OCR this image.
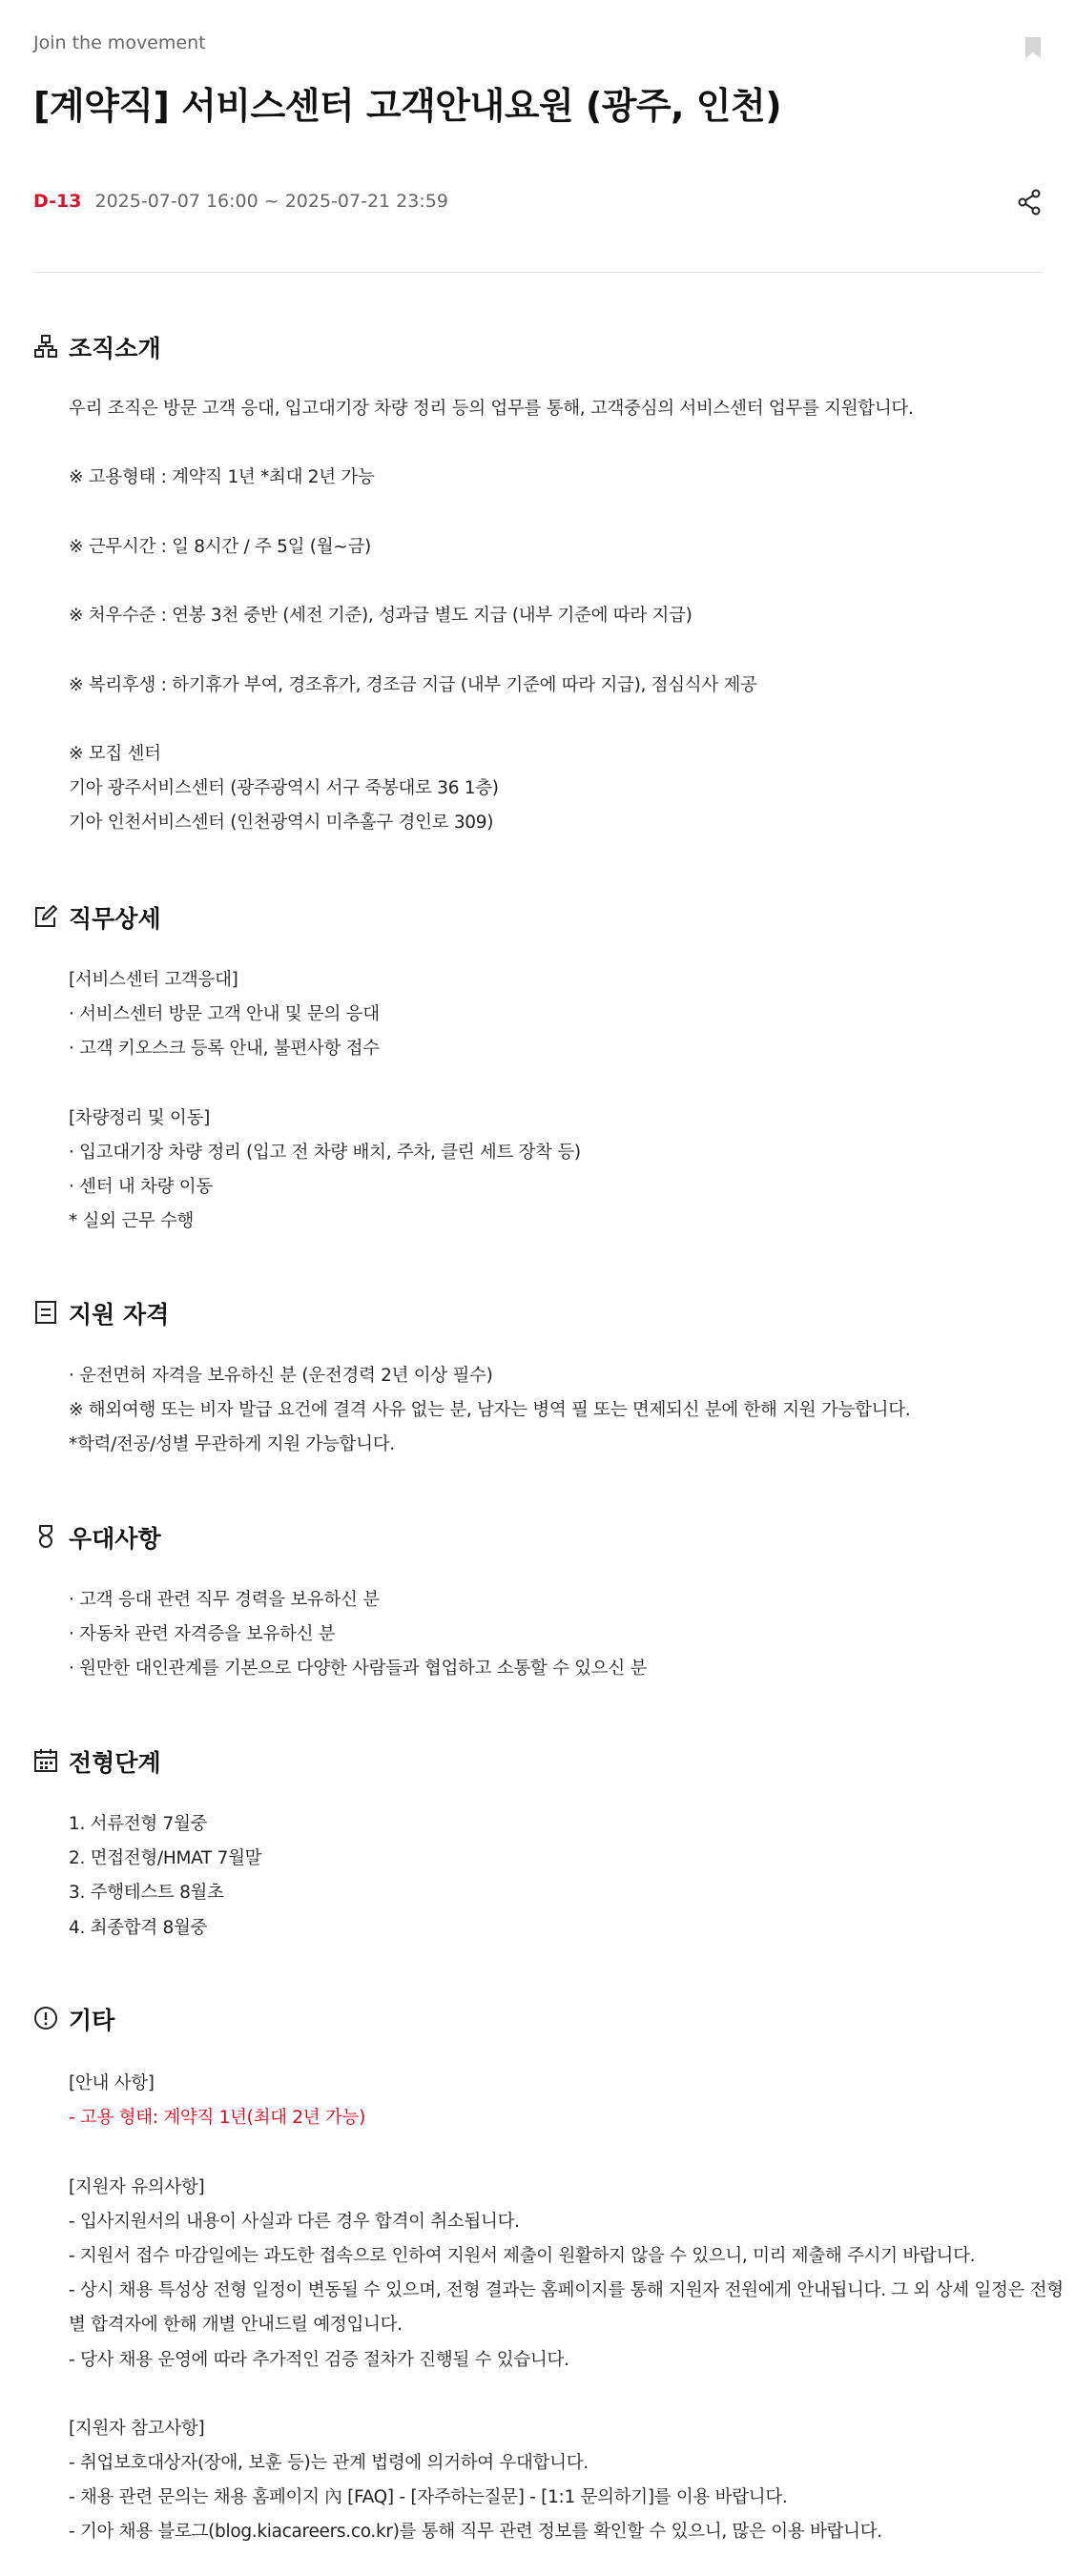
Join the movement
[계약직] 서비스센터 고객안내요원 (광주, 인천)
D-13 2025-07-07 16:00 ~ 2025-07-21 23:59
조직소개
우리 조직은 방문 고객 응대, 입고대기장 차량 정리 등의 업무를 통해, 고객중심의 서비스센터 업무를 지원합니다.
※ 고용형태 : 계약직 1년 *최대 2년 가능
※ 근무시간 : 일 8시간 / 주 5일 (월~금)
※ 처우수준 : 연봉 3천 중반 (세전 기준), 성과급 별도 지급 (내부 기준에 따라 지급)
※ 복리후생 : 하기휴가 부여, 경조휴가, 경조금 지급 (내부 기준에 따라 지급), 점심식사 제공
※ 모집 센터
기아 광주서비스센터 (광주광역시 서구 죽봉대로 36 1층)
기아 인천서비스센터 (인천광역시 미추홀구 경인로 309)
직무상세
[서비스센터 고객응대]
· 서비스센터 방문 고객 안내 및 문의 응대
· 고객 키오스크 등록 안내, 불편사항 접수
[차량정리 및 이동]
· 입고대기장 차량 정리 (입고 전 차량 배치, 주차, 클린 세트 장착 등)
· 센터 내 차량 이동
* 실외 근무 수행
지원 자격
· 운전면허 자격을 보유하신 분 (운전경력 2년 이상 필수)
※ 해외여행 또는 비자 발급 요건에 결격 사유 없는 분, 남자는 병역 필 또는 면제되신 분에 한해 지원 가능합니다.
*학력/전공/성별 무관하게 지원 가능합니다.
우대사항
· 고객 응대 관련 직무 경력을 보유하신 분
· 자동차 관련 자격증을 보유하신 분
· 원만한 대인관계를 기본으로 다양한 사람들과 협업하고 소통할 수 있으신 분
전형단계
1. 서류전형 7월중
2. 면접전형/HMAT 7월말
3. 주행테스트 8월초
4. 최종합격 8월중
기타
[안내 사항]
- 고용 형태: 계약직 1년(최대 2년 가능)
[지원자 유의사항]
- 입사지원서의 내용이 사실과 다른 경우 합격이 취소됩니다.
- 지원서 접수 마감일에는 과도한 접속으로 인하여 지원서 제출이 원활하지 않을 수 있으니, 미리 제출해 주시기 바랍니다.
- 상시 채용 특성상 전형 일정이 변동될 수 있으며, 전형 결과는 홈페이지를 통해 지원자 전원에게 안내됩니다. 그 외 상세 일정은 전형 별 합격자에 한해 개별 안내드릴 예정입니다.
- 당사 채용 운영에 따라 추가적인 검증 절차가 진행될 수 있습니다.
[지원자 참고사항]
- 취업보호대상자(장애, 보훈 등)는 관계 법령에 의거하여 우대합니다.
- 채용 관련 문의는 채용 홈페이지 內 [FAQ] - [자주하는질문] - [1:1 문의하기]를 이용 바랍니다.
- 기아 채용 블로그(blog.kiacareers.co.kr)를 통해 직무 관련 정보를 확인할 수 있으니, 많은 이용 바랍니다.
